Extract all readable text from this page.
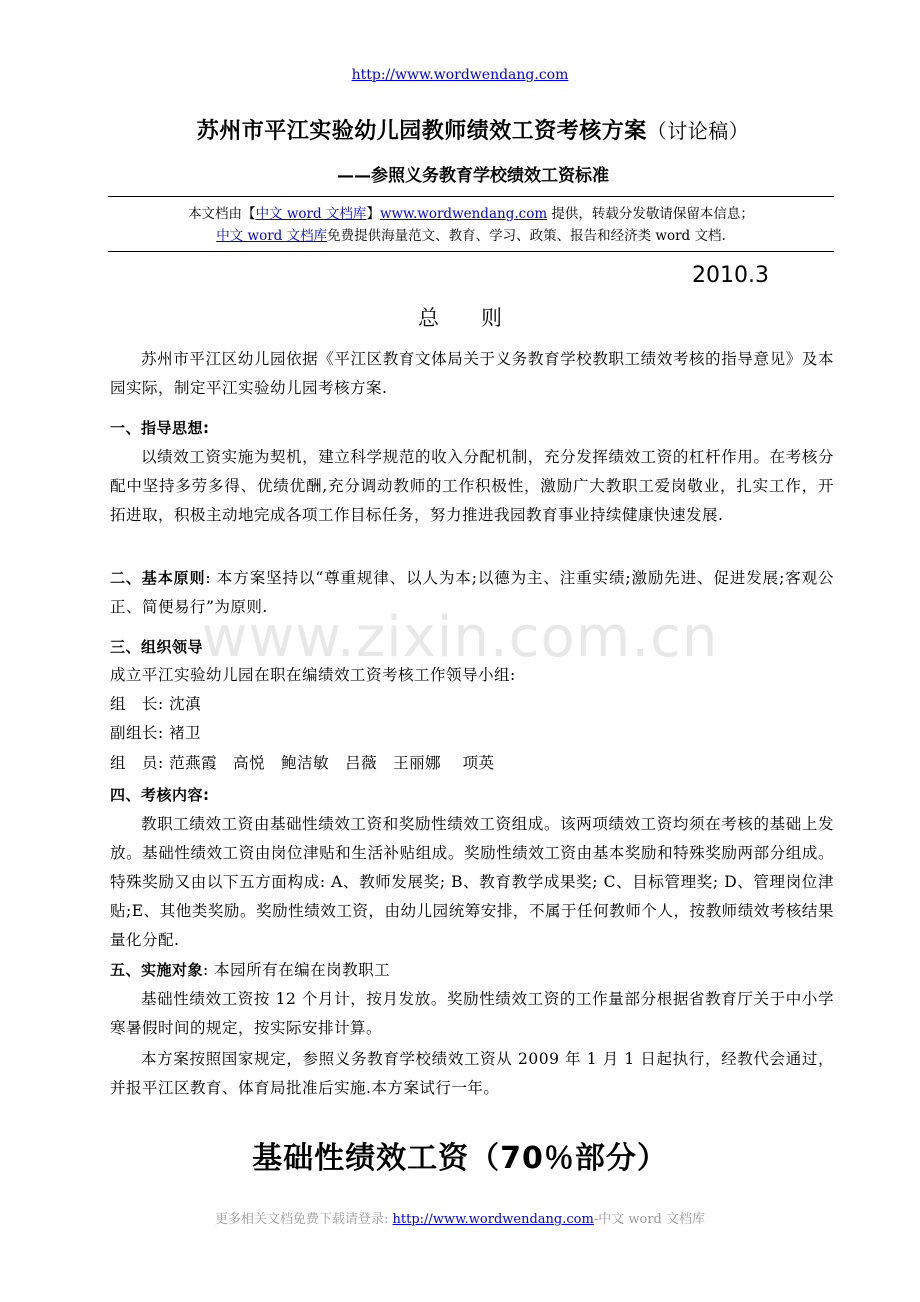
http://www.wordwendang.com
苏州市平江实验幼儿园教师绩效工资考核方案（讨论稿）
——参照义务教育学校绩效工资标准
本文档由【中文 word 文档库】www.wordwendang.com 提供，转载分发敬请保留本信息；
中文 word 文档库免费提供海量范文、教育、学习、政策、报告和经济类 word 文档.
2010.3
总则
www.zixin.com.cn
苏州市平江区幼儿园依据《平江区教育文体局关于义务教育学校教职工绩效考核的指导意见》及本园实际，制定平江实验幼儿园考核方案.
一、指导思想:
以绩效工资实施为契机，建立科学规范的收入分配机制，充分发挥绩效工资的杠杆作用。在考核分配中坚持多劳多得、优绩优酬,充分调动教师的工作积极性，激励广大教职工爱岗敬业，扎实工作，开拓进取，积极主动地完成各项工作目标任务，努力推进我园教育事业持续健康快速发展.
二、基本原则: 本方案坚持以“尊重规律、以人为本;以德为主、注重实绩;激励先进、促进发展;客观公正、简便易行”为原则.
三、组织领导
成立平江实验幼儿园在职在编绩效工资考核工作领导小组:
组　长: 沈滇
副组长: 褚卫
组　员: 范燕霞　高悦　鲍洁敏　吕薇　王丽娜　 项英
四、考核内容:
教职工绩效工资由基础性绩效工资和奖励性绩效工资组成。该两项绩效工资均须在考核的基础上发放。基础性绩效工资由岗位津贴和生活补贴组成。奖励性绩效工资由基本奖励和特殊奖励两部分组成。特殊奖励又由以下五方面构成: A、教师发展奖; B、教育教学成果奖; C、目标管理奖; D、管理岗位津贴;E、其他类奖励。奖励性绩效工资，由幼儿园统筹安排，不属于任何教师个人，按教师绩效考核结果量化分配.
五、实施对象: 本园所有在编在岗教职工
基础性绩效工资按 12 个月计，按月发放。奖励性绩效工资的工作量部分根据省教育厅关于中小学寒暑假时间的规定，按实际安排计算。
本方案按照国家规定，参照义务教育学校绩效工资从 2009 年 1 月 1 日起执行，经教代会通过，并报平江区教育、体育局批准后实施.本方案试行一年。
基础性绩效工资（70％部分）
更多相关文档免费下载请登录: http://www.wordwendang.com-中文 word 文档库
